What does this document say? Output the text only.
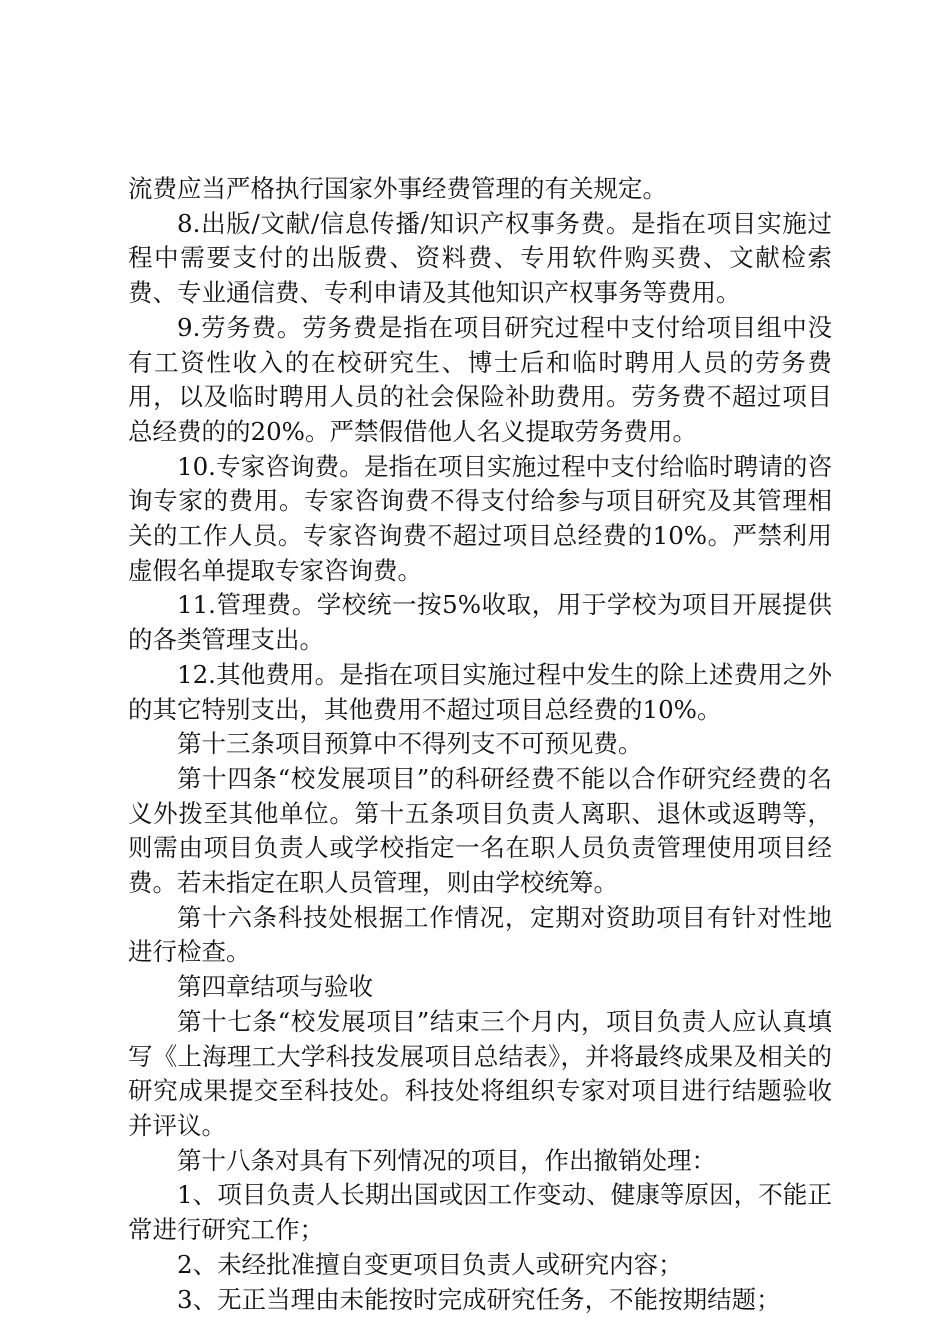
流费应当严格执行国家外事经费管理的有关规定。

8.出版/文献/信息传播/知识产权事务费。是指在项目实施过程中需要支付的出版费、资料费、专用软件购买费、文献检索费、专业通信费、专利申请及其他知识产权事务等费用。

9.劳务费。劳务费是指在项目研究过程中支付给项目组中没有工资性收入的在校研究生、博士后和临时聘用人员的劳务费用，以及临时聘用人员的社会保险补助费用。劳务费不超过项目总经费的的20%。严禁假借他人名义提取劳务费用。

10.专家咨询费。是指在项目实施过程中支付给临时聘请的咨询专家的费用。专家咨询费不得支付给参与项目研究及其管理相关的工作人员。专家咨询费不超过项目总经费的10%。严禁利用虚假名单提取专家咨询费。

11.管理费。学校统一按5%收取，用于学校为项目开展提供的各类管理支出。

12.其他费用。是指在项目实施过程中发生的除上述费用之外的其它特别支出，其他费用不超过项目总经费的10%。

第十三条项目预算中不得列支不可预见费。

第十四条“校发展项目”的科研经费不能以合作研究经费的名义外拨至其他单位。第十五条项目负责人离职、退休或返聘等，则需由项目负责人或学校指定一名在职人员负责管理使用项目经费。若未指定在职人员管理，则由学校统筹。

第十六条科技处根据工作情况，定期对资助项目有针对性地进行检查。

第四章结项与验收

第十七条“校发展项目”结束三个月内，项目负责人应认真填写《上海理工大学科技发展项目总结表》，并将最终成果及相关的研究成果提交至科技处。科技处将组织专家对项目进行结题验收并评议。

第十八条对具有下列情况的项目，作出撤销处理：

1、项目负责人长期出国或因工作变动、健康等原因，不能正常进行研究工作；

2、未经批准擅自变更项目负责人或研究内容；

3、无正当理由未能按时完成研究任务，不能按期结题；
